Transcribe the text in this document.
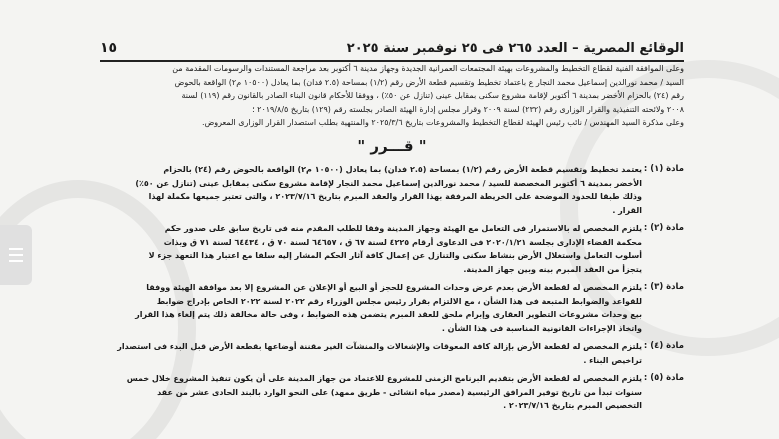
الوقائع المصرية – العدد ٢٦٥ فى ٢٥ نوفمبر سنة ٢٠٢٥
١٥

وعلى الموافقة الفنية لقطاع التخطيط والمشروعات بهيئة المجتمعات العمرانية الجديدة وجهاز مدينة ٦ أكتوبر بعد مراجعة المستندات والرسومات المقدمة من

السيد / محمد نورالدين إسماعيل محمد النجار ع باعتماد تخطيط وتقسيم قطعة الأرض رقم (١/٢) بمساحة (٢.٥ فدان) بما يعادل (١٠٥٠٠ م٢) الواقعة بالحوض

رقم (٢٤) بالحزام الأخضر بمدينة ٦ أكتوبر لإقامة مشروع سكنى بمقابل عينى (تنازل عن ٥٠٪) ، ووفقا للأحكام قانون البناء الصادر بالقانون رقم (١١٩) لسنة

٢٠٠٨ ولائحته التنفيذية والقرار الوزارى رقم (٢٣٢) لسنة ٢٠٠٩ وقرار مجلس إدارة الهيئة الصادر بجلسته رقم (١٢٩) بتاريخ ٢٠١٩/٨/٥ ؛

وعلى مذكرة السيد المهندس / نائب رئيس الهيئة لقطاع التخطيط والمشروعات بتاريخ ٢٠٢٥/٣/٦ والمنتهية بطلب استصدار القرار الوزارى المعروض.

" قـــرر "
مادة (١) :

يعتمد تخطيط وتقسيم قطعة الأرض رقم (١/٢) بمساحة (٢.٥ فدان) بما يعادل (١٠٥٠٠ م٢) الواقعة بالحوض رقم (٢٤) بالحزام

الأخضر بمدينة ٦ أكتوبر المخصصة للسيد / محمد نورالدين إسماعيل محمد النجار لإقامة مشروع سكنى بمقابل عينى (تنازل عن ٥٠٪)

وذلك طبقا للحدود الموضحة على الخريطة المرفقة بهذا القرار والعقد المبرم بتاريخ ٢٠٢٣/٧/١٦ ، والتى تعتبر جميعها مكملة لهذا

القرار .

مادة (٢) :

يلتزم المخصص له بالاستمرار فى التعامل مع الهيئة وجهاز المدينة وفقا للطلب المقدم منه فى تاريخ سابق على صدور حكم

محكمة القضاء الإدارى بجلسة ٢٠٢٠/١/٢١ فى الدعاوى أرقام ٤٢٢٥ لسنة ٦٧ ق ، ٦٤٦٥٧ لسنة ٧٠ ق ، ٦٤٤٣٤ لسنة ٧١ ق وبذات

أسلوب التعامل واستغلال الأرض بنشاط سكنى والتنازل عن إعمال كافة آثار الحكم المشار إليه سلفا مع اعتبار هذا التعهد جزء لا

يتجزأ من العقد المبرم بينه وبين جهاز المدينة.

مادة (٣) :

يلتزم المخصص له لقطعة الأرض بعدم عرض وحدات المشروع للحجز أو البيع أو الإعلان عن المشروع إلا بعد موافقة الهيئة ووفقا

للقواعد والضوابط المتبعة فى هذا الشأن ، مع الالتزام بقرار رئيس مجلس الوزراء رقم ٢٠٢٢ لسنة ٢٠٢٢ الخاص بإدراج ضوابط

بيع وحدات مشروعات التطوير العقارى وإبرام ملحق للعقد المبرم يتضمن هذه الضوابط ، وفى حالة مخالفة ذلك يتم إلغاء هذا القرار

واتخاذ الإجراءات القانونية المناسبة فى هذا الشأن .

مادة (٤) :

يلتزم المخصص له لقطعة الأرض بإزالة كافة المعوقات والإشغالات والمنشآت الغير مقننة أوضاعها بقطعة الأرض قبل البدء فى استصدار

تراخيص البناء .

مادة (٥) :

يلتزم المخصص له لقطعة الأرض بتقديم البرنامج الزمنى للمشروع للاعتماد من جهاز المدينة على أن يكون تنفيذ المشروع خلال خمس

سنوات تبدأ من تاريخ توفير المرافق الرئيسية (مصدر مياه انشائى - طريق ممهد) على النحو الوارد بالبند الحادى عشر من عقد

التخصيص المبرم بتاريخ ٢٠٢٣/٧/١٦ .
